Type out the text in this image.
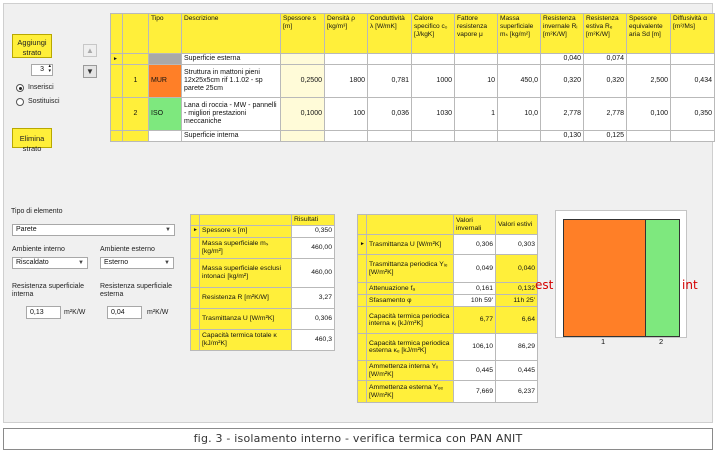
Aggiungi strato
3 ▴
▾
Inserisci
Sostituisci
Elimina strato
▲
▼
		Tipo	Descrizione	Spessore s [m]	Densità ρ [kg/m³]	Conduttività λ [W/mK]	Calore specifico c₀ [J/kgK]	Fattore resistenza vapore μ	Massa superficiale mₛ [kg/m²]	Resistenza invernale Rᵢ [m²K/W]	Resistenza estiva Rₑ [m²K/W]	Spessore equivalente aria Sd [m]	Diffusività α [m²/Ms]
►			Superficie esterna							0,040	0,074		
	1	MUR	Struttura in mattoni pieni 12x25x5cm rif 1.1.02 - sp parete 25cm	0,2500	1800	0,781	1000	10	450,0	0,320	0,320	2,500	0,434
	2	ISO	Lana di roccia - MW - pannelli - migliori prestazioni meccaniche	0,1000	100	0,036	1030	1	10,0	2,778	2,778	0,100	0,350
			Superficie interna							0,130	0,125		
Tipo di elemento
Parete	▼
Ambiente interno
Riscaldato	▼
Ambiente esterno
Esterno	▼
Resistenza superficiale interna
0,13	m²K/W
Resistenza superficiale esterna
0,04	m²K/W
		Risultati
►	Spessore s [m]	0,350
	Massa superficiale mₛ [kg/m²]	460,00
	Massa superficiale esclusi intonaci [kg/m²]	460,00
	Resistenza R [m²K/W]	3,27
	Trasmittanza U [W/m²K]	0,306
	Capacità termica totale κ [kJ/m²K]	460,3
		Valori invernali	Valori estivi
►	Trasmittanza U [W/m²K]	0,306	0,303
	Trasmittanza periodica Yᵢₑ [W/m²K]	0,049	0,040
	Attenuazione fₐ	0,161	0,132
	Sfasamento φ	10h 59'	11h 25'
	Capacità termica periodica interna κᵢ [kJ/m²K]	6,77	6,64
	Capacità termica periodica esterna κₑ [kJ/m²K]	106,10	86,29
	Ammettenza interna Yᵢᵢ [W/m²K]	0,445	0,445
	Ammettenza esterna Yₑₑ [W/m²K]	7,669	6,237
est	int
1	2
fig. 3 - isolamento interno - verifica termica con PAN ANIT
